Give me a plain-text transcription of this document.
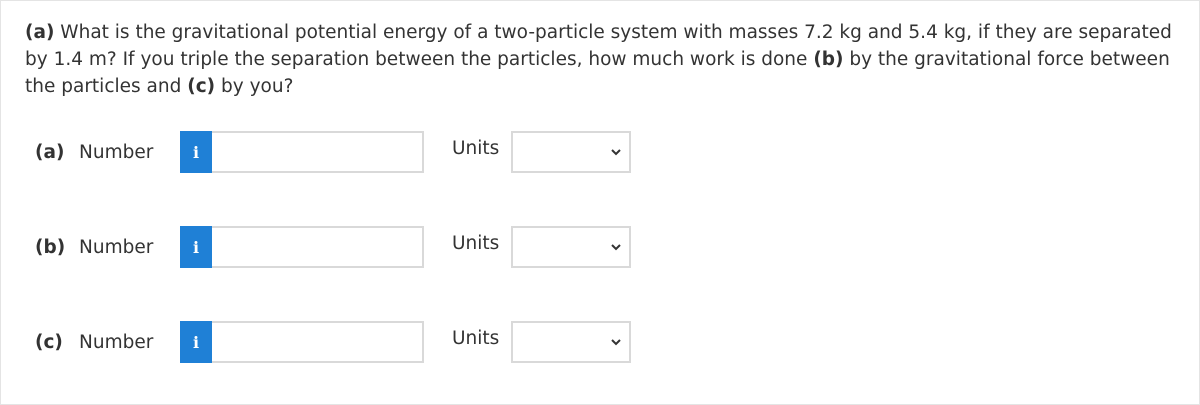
(a) What is the gravitational potential energy of a two-particle system with masses 7.2 kg and 5.4 kg, if they are separated by 1.4 m? If you triple the separation between the particles, how much work is done (b) by the gravitational force between the particles and (c) by you?
(a) Number i	Units
(b) Number i	Units
(c) Number i	Units
